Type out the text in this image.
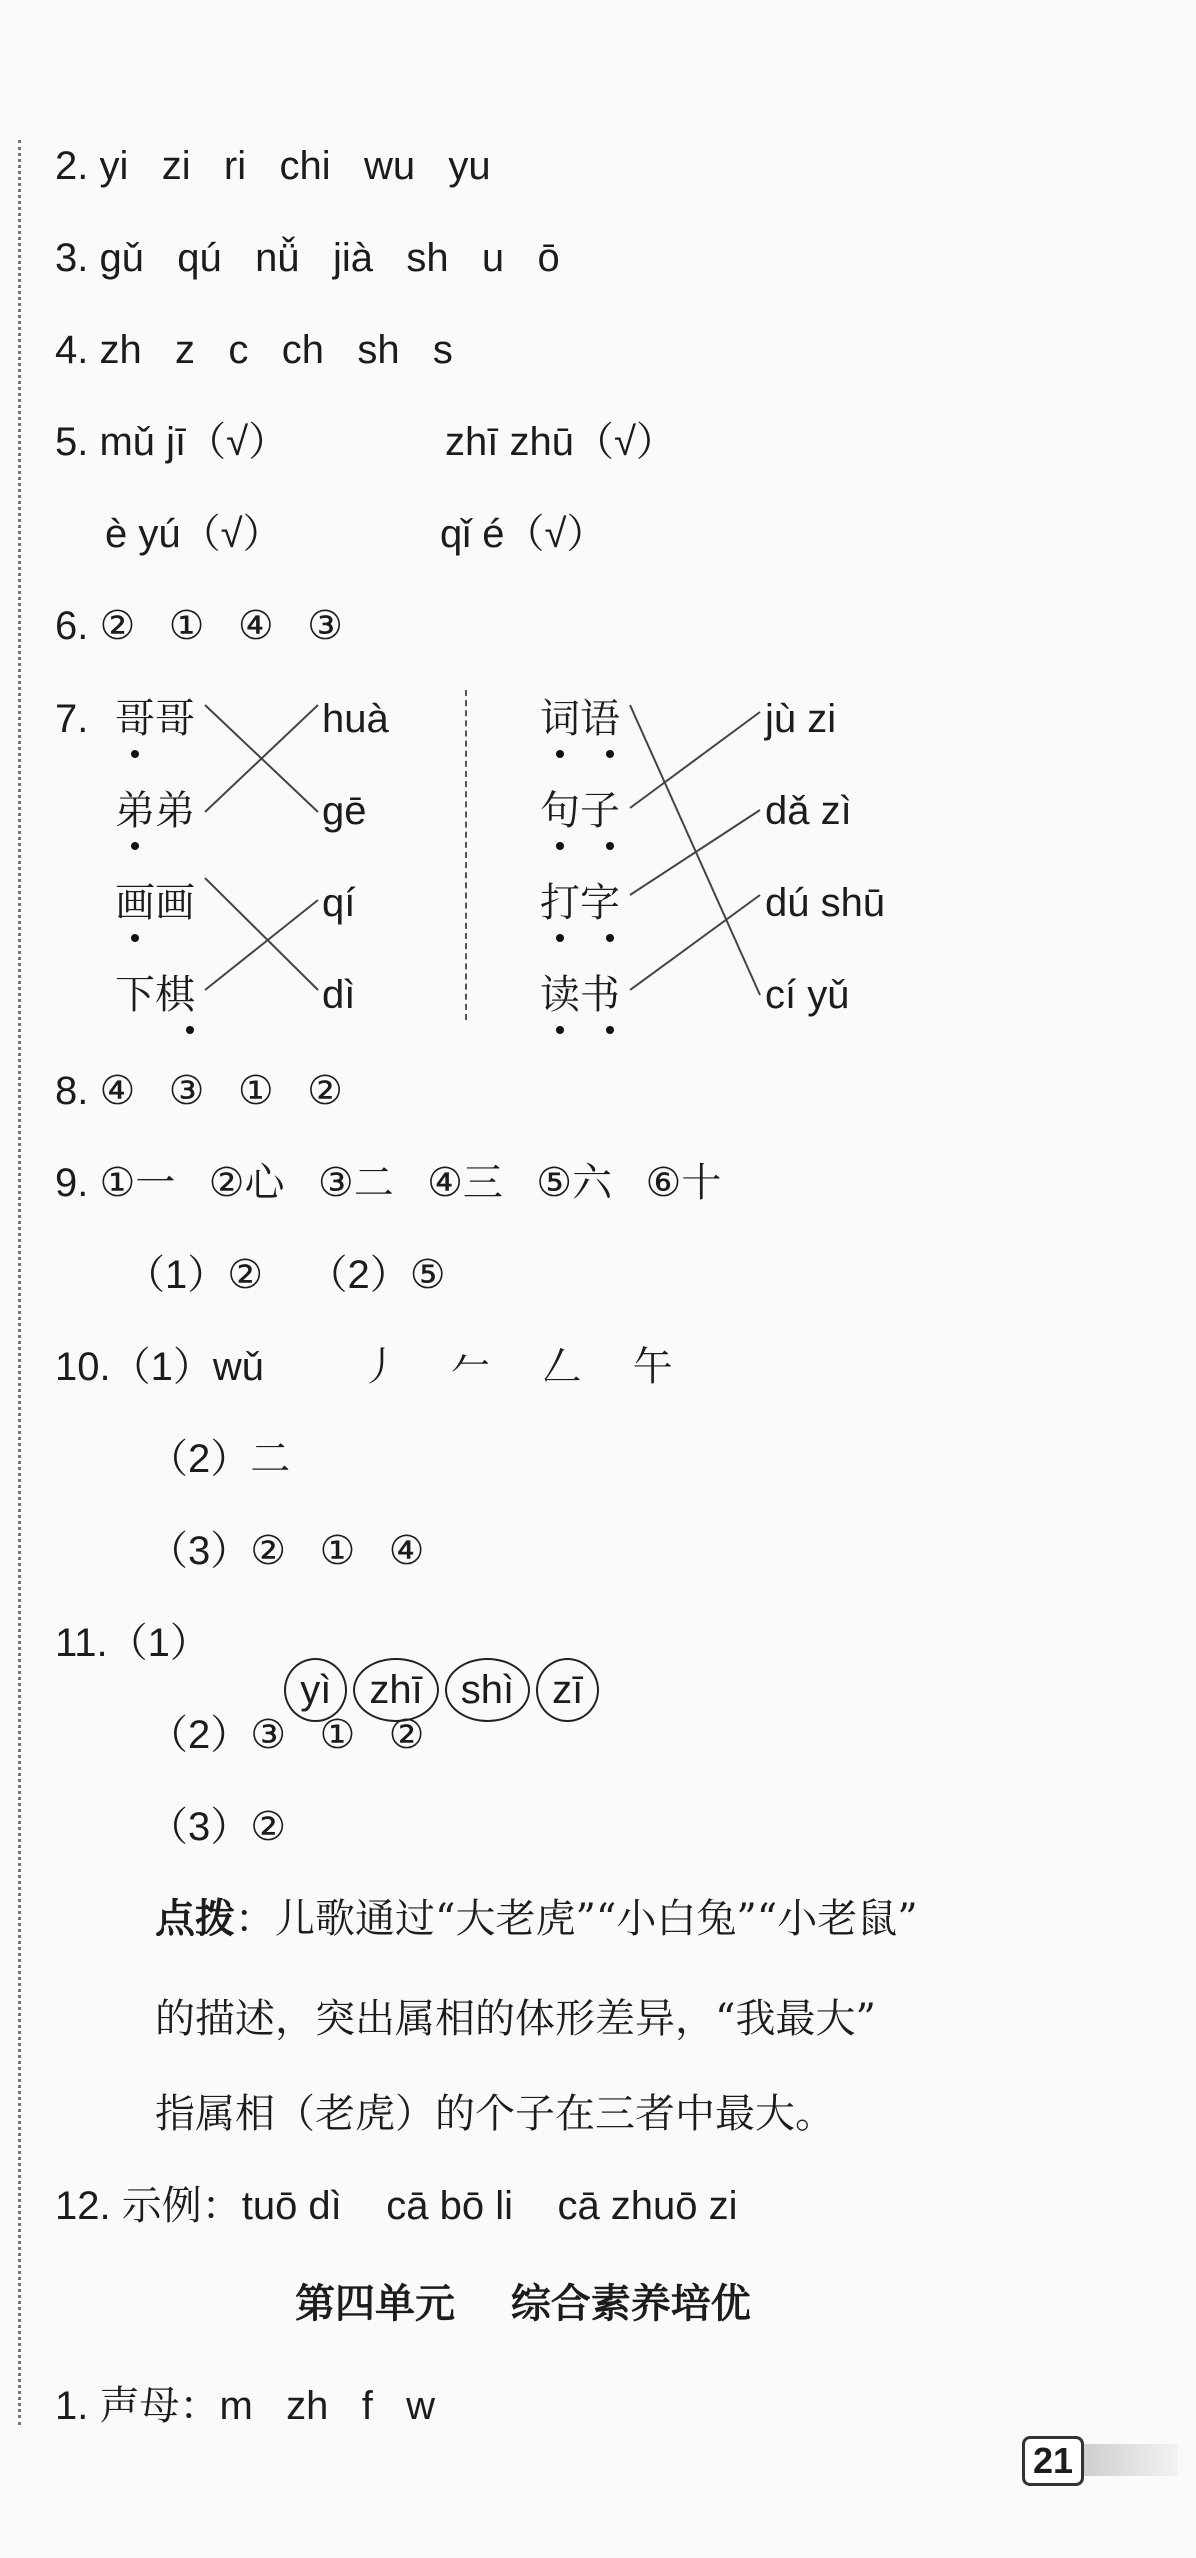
2. yi   zi   ri   chi   wu   yu
3. gǔ   qú   nǚ   jià   sh   u   ō
4. zh   z   c   ch   sh   s
5. mǔ jī（√）	zhī zhū（√）
è yú（√）	qǐ é（√）
6. ②   ①   ④   ③
7. 哥哥
弟弟
画画
下棋
huà
gē
qí
dì
词语
句子
打字
读书
jù zi
dǎ zì
dú shū
cí yǔ
8. ④   ③   ①   ②
9. ①一   ②心   ③二   ④三   ⑤六   ⑥十
（1）②    （2）⑤
10.（1）wǔ 丿    𠂉    𠃋    午
（2）二
（3）②   ①   ④
11.（1）

yì zhī shì zī

（2）③   ①   ②
（3）②
点拨：儿歌通过“大老虎”“小白兔”“小老鼠”
的描述，突出属相的体形差异，“我最大”
指属相（老虎）的个子在三者中最大。
12. 示例：tuō dì    cā bō li    cā zhuō zi
第四单元    综合素养培优
1. 声母：m   zh   f   w
21
